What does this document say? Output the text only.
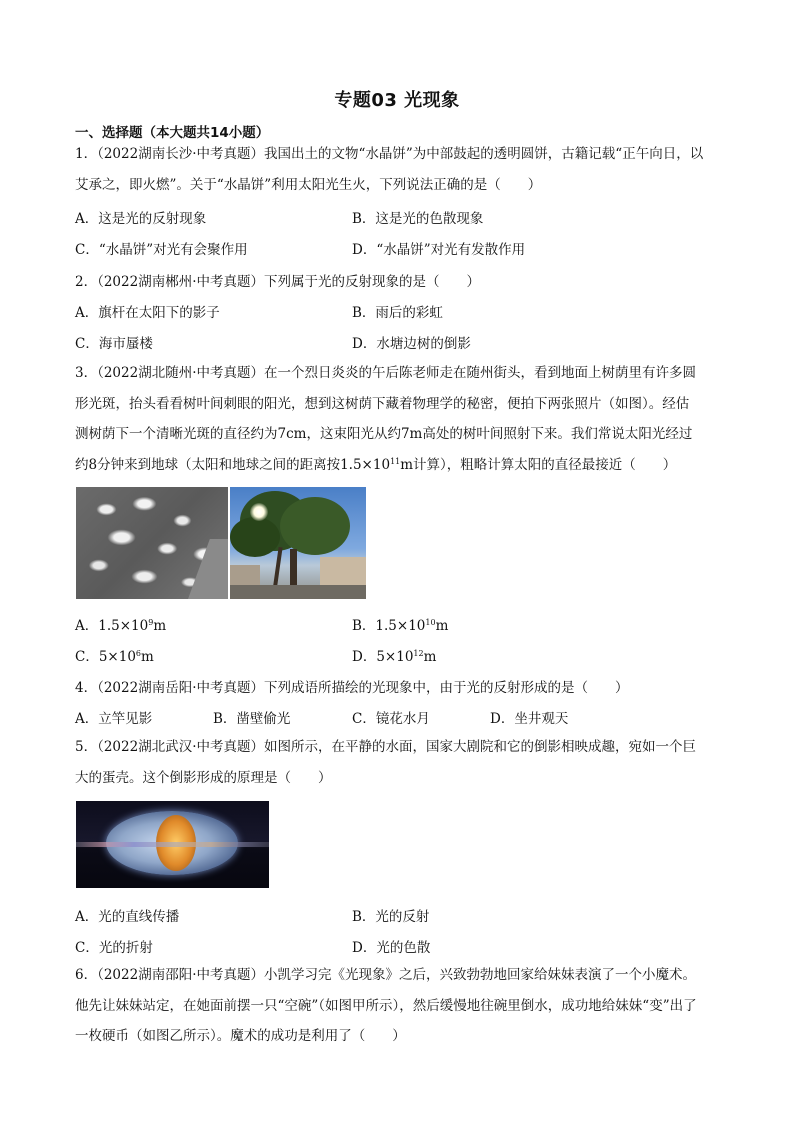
专题03 光现象
一、选择题（本大题共14小题）
1．（2022湖南长沙·中考真题）我国出土的文物“水晶饼”为中部鼓起的透明圆饼，古籍记载“正午向日，以
艾承之，即火燃”。关于“水晶饼”利用太阳光生火，下列说法正确的是（　　）
A．这是光的反射现象	B．这是光的色散现象
C．“水晶饼”对光有会聚作用	D．“水晶饼”对光有发散作用
2．（2022湖南郴州·中考真题）下列属于光的反射现象的是（　　）
A．旗杆在太阳下的影子	B．雨后的彩虹
C．海市蜃楼	D．水塘边树的倒影
3．（2022湖北随州·中考真题）在一个烈日炎炎的午后陈老师走在随州街头，看到地面上树荫里有许多圆
形光斑，抬头看看树叶间刺眼的阳光，想到这树荫下藏着物理学的秘密，便拍下两张照片（如图）。经估
测树荫下一个清晰光斑的直径约为7cm，这束阳光从约7m高处的树叶间照射下来。我们常说太阳光经过
约8分钟来到地球（太阳和地球之间的距离按$1.5\times 10^{11}m$计算），粗略计算太阳的直径最接近（　　）
A．$1.5\times 10^9m$	B．$1.5\times 10^{10}m$
C．$5\times 10^6m$	D．$5\times 10^{12}m$
4．（2022湖南岳阳·中考真题）下列成语所描绘的光现象中，由于光的反射形成的是（　　）
A．立竿见影	B．凿壁偷光	C．镜花水月	D．坐井观天
5．（2022湖北武汉·中考真题）如图所示，在平静的水面，国家大剧院和它的倒影相映成趣，宛如一个巨
大的蛋壳。这个倒影形成的原理是（　　）
A．光的直线传播	B．光的反射
C．光的折射	D．光的色散
6．（2022湖南邵阳·中考真题）小凯学习完《光现象》之后，兴致勃勃地回家给妹妹表演了一个小魔术。
他先让妹妹站定，在她面前摆一只“空碗”（如图甲所示），然后缓慢地往碗里倒水，成功地给妹妹“变”出了
一枚硬币（如图乙所示）。魔术的成功是利用了（　　）
